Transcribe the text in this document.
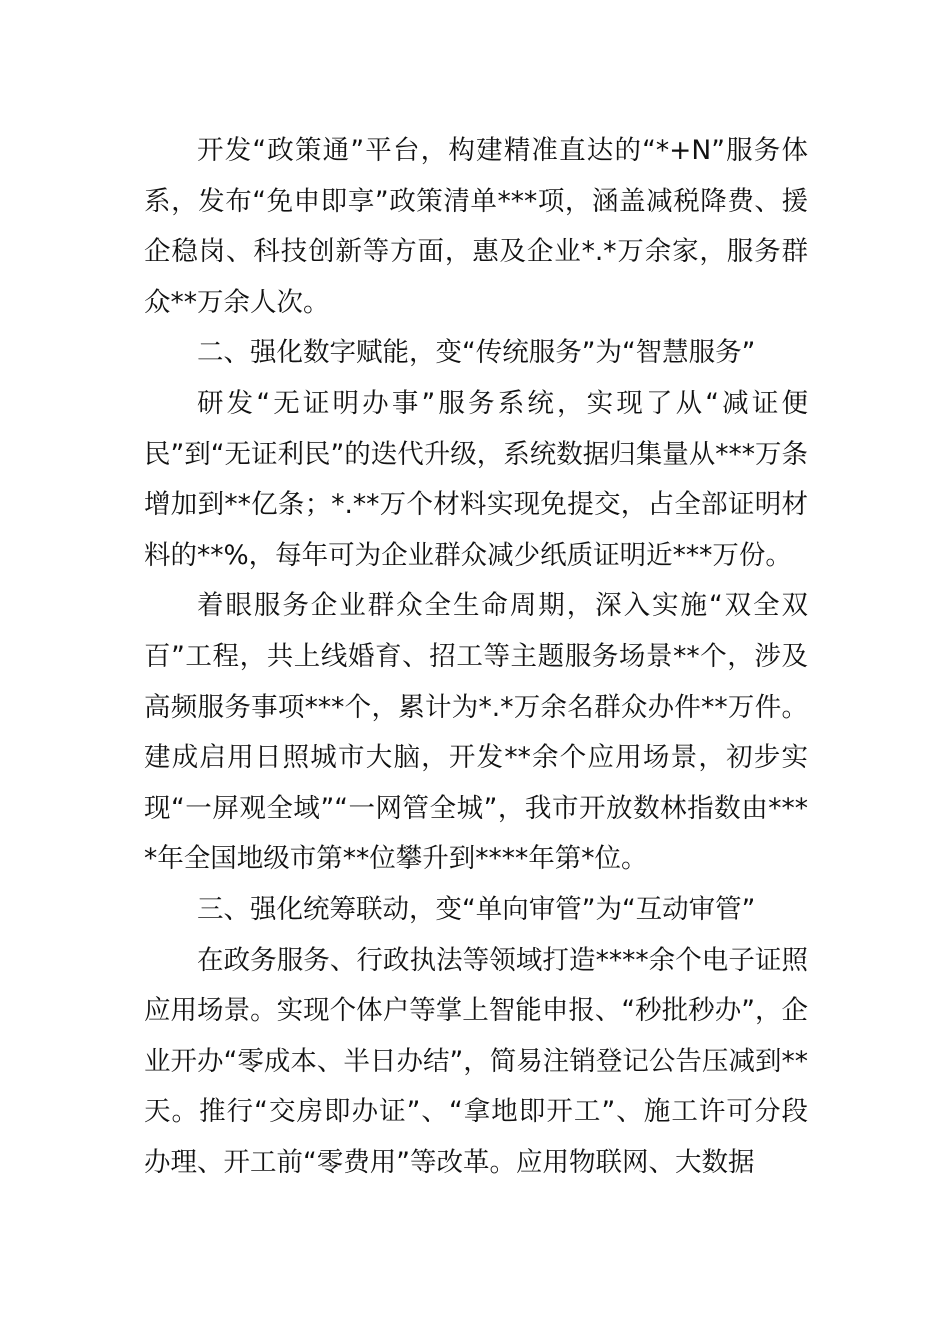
开发“政策通”平台，构建精准直达的“*+N”服务体系，发布“免申即享”政策清单***项，涵盖减税降费、援企稳岗、科技创新等方面，惠及企业*.*万余家，服务群众**万余人次。

二、强化数字赋能，变“传统服务”为“智慧服务”

研发“无证明办事”服务系统，实现了从“减证便民”到“无证利民”的迭代升级，系统数据归集量从***万条增加到**亿条；*.**万个材料实现免提交，占全部证明材料的**%，每年可为企业群众减少纸质证明近***万份。

着眼服务企业群众全生命周期，深入实施“双全双百”工程，共上线婚育、招工等主题服务场景**个，涉及高频服务事项***个，累计为*.*万余名群众办件**万件。建成启用日照城市大脑，开发**余个应用场景，初步实现“一屏观全域”“一网管全城”，我市开放数林指数由****年全国地级市第**位攀升到****年第*位。

三、强化统筹联动，变“单向审管”为“互动审管”

在政务服务、行政执法等领域打造****余个电子证照应用场景。实现个体户等掌上智能申报、“秒批秒办”，企业开办“零成本、半日办结”，简易注销登记公告压减到**天。推行“交房即办证”、“拿地即开工”、施工许可分段办理、开工前“零费用”等改革。应用物联网、大数据
